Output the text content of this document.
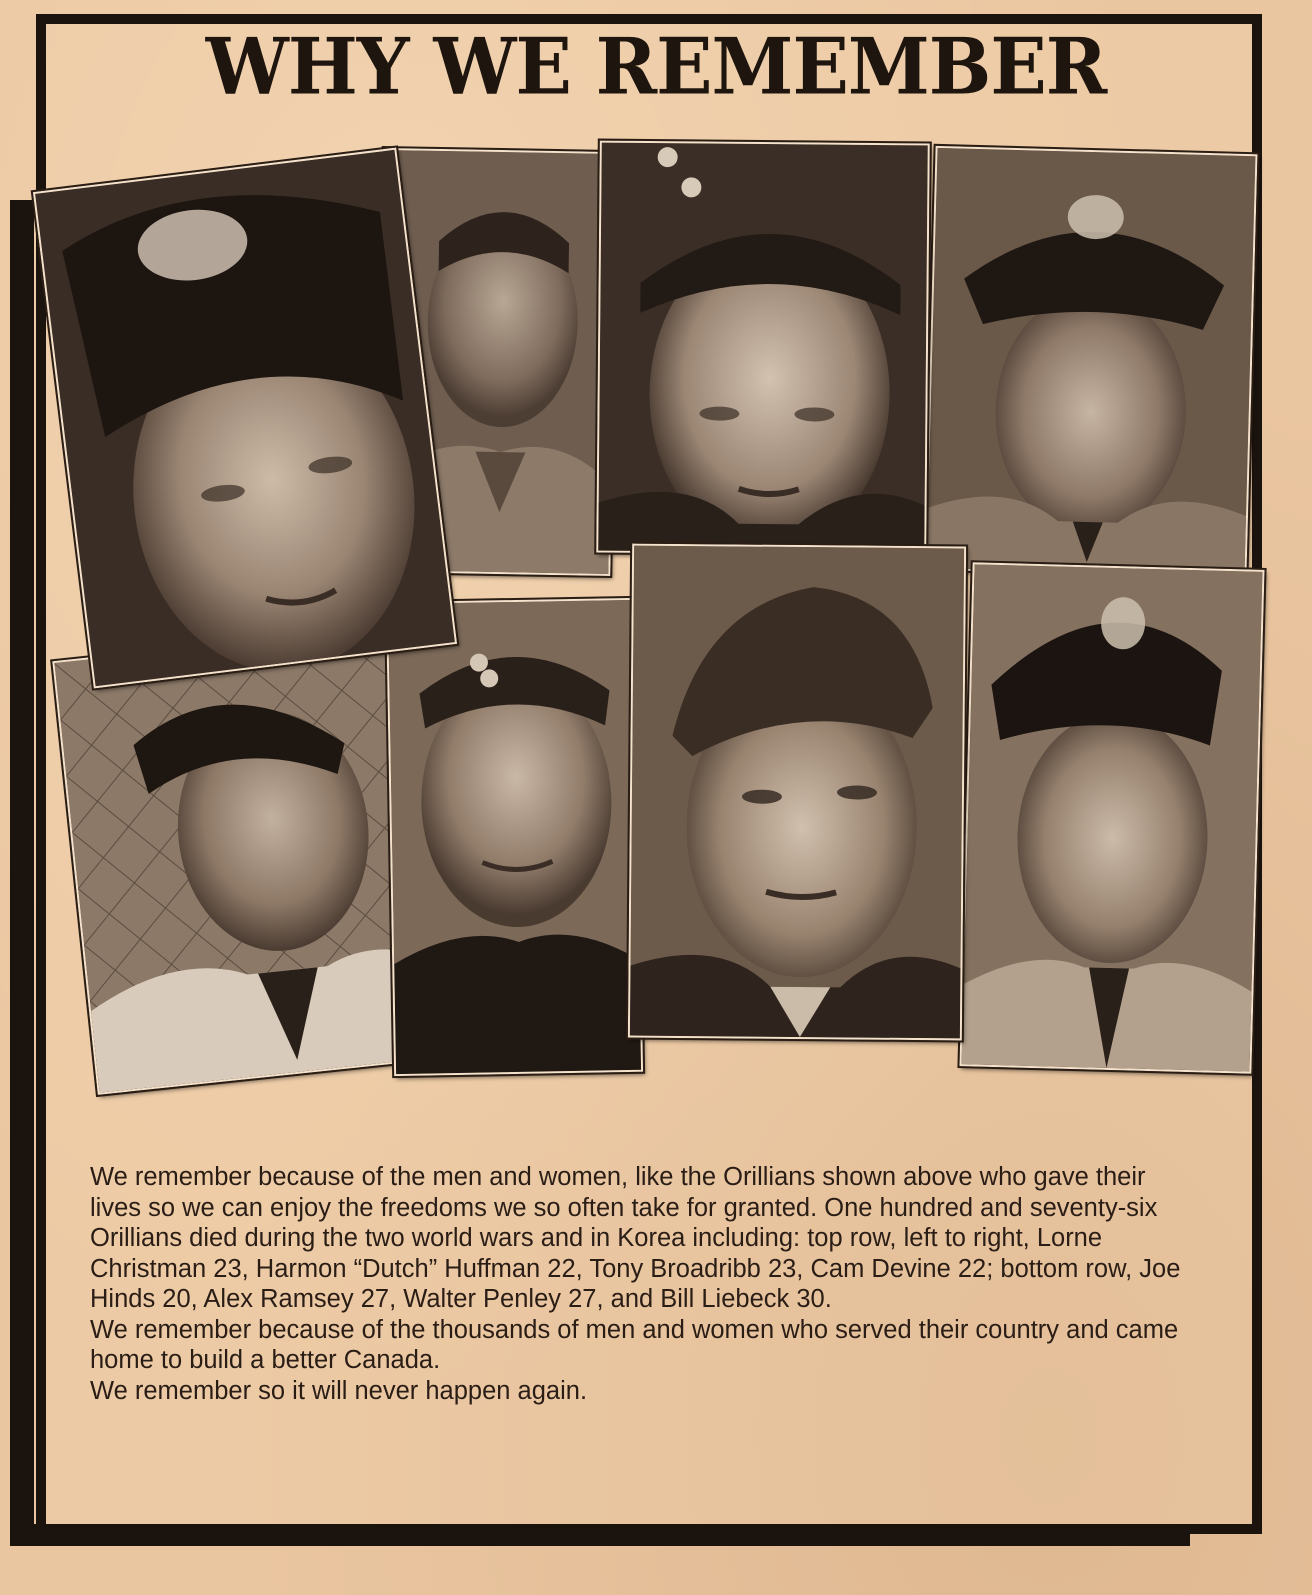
WHY WE REMEMBER

We remember because of the men and women, like the Orillians shown above who gave their lives so we can enjoy the freedoms we so often take for granted. One hundred and seventy-six Orillians died during the two world wars and in Korea including: top row, left to right, Lorne Christman 23, Harmon “Dutch” Huffman 22, Tony Broadribb 23, Cam Devine 22; bottom row, Joe Hinds 20, Alex Ramsey 27, Walter Penley 27, and Bill Liebeck 30.

We remember because of the thousands of men and women who served their country and came home to build a better Canada.

We remember so it will never happen again.
